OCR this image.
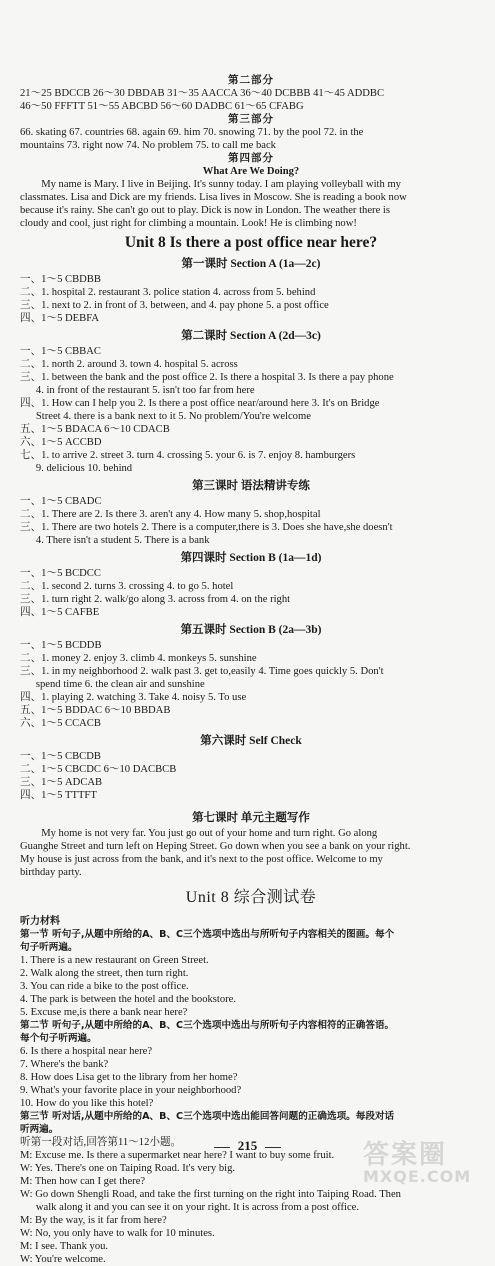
第二部分
21～25 BDCCB 26～30 DBDAB 31～35 AACCA 36～40 DCBBB 41～45 ADDBC
46～50 FFFTT 51～55 ABCBD 56～60 DADBC 61～65 CFABG
第三部分
66. skating 67. countries 68. again 69. him 70. snowing 71. by the pool 72. in the
mountains 73. right now 74. No problem 75. to call me back
第四部分
What Are We Doing?
My name is Mary. I live in Beijing. It's sunny today. I am playing volleyball with my
classmates. Lisa and Dick are my friends. Lisa lives in Moscow. She is reading a book now
because it's rainy. She can't go out to play. Dick is now in London. The weather there is
cloudy and cool, just right for climbing a mountain. Look! He is climbing now!
Unit 8 Is there a post office near here?
第一课时 Section A (1a—2c)
一、1～5 CBDBB
二、1. hospital 2. restaurant 3. police station 4. across from 5. behind
三、1. next to 2. in front of 3. between, and 4. pay phone 5. a post office
四、1～5 DEBFA
第二课时 Section A (2d—3c)
一、1～5 CBBAC
二、1. north 2. around 3. town 4. hospital 5. across
三、1. between the bank and the post office 2. Is there a hospital 3. Is there a pay phone
4. in front of the restaurant 5. isn't too far from here
四、1. How can I help you 2. Is there a post office near/around here 3. It's on Bridge
Street 4. there is a bank next to it 5. No problem/You're welcome
五、1～5 BDACA 6～10 CDACB
六、1～5 ACCBD
七、1. to arrive 2. street 3. turn 4. crossing 5. your 6. is 7. enjoy 8. hamburgers
9. delicious 10. behind
第三课时 语法精讲专练
一、1～5 CBADC
二、1. There are 2. Is there 3. aren't any 4. How many 5. shop,hospital
三、1. There are two hotels 2. There is a computer,there is 3. Does she have,she doesn't
4. There isn't a student 5. There is a bank
第四课时 Section B (1a—1d)
一、1～5 BCDCC
二、1. second 2. turns 3. crossing 4. to go 5. hotel
三、1. turn right 2. walk/go along 3. across from 4. on the right
四、1～5 CAFBE
第五课时 Section B (2a—3b)
一、1～5 BCDDB
二、1. money 2. enjoy 3. climb 4. monkeys 5. sunshine
三、1. in my neighborhood 2. walk past 3. get to,easily 4. Time goes quickly 5. Don't
spend time 6. the clean air and sunshine
四、1. playing 2. watching 3. Take 4. noisy 5. To use
五、1～5 BDDAC 6～10 BBDAB
六、1～5 CCACB
第六课时 Self Check
一、1～5 CBCDB
二、1～5 CBCDC 6～10 DACBCB
三、1～5 ADCAB
四、1～5 TTTFT
第七课时 单元主题写作
My home is not very far. You just go out of your home and turn right. Go along
Guanghe Street and turn left on Heping Street. Go down when you see a bank on your right.
My house is just across from the bank, and it's next to the post office. Welcome to my
birthday party.
Unit 8 综合测试卷
听力材料
第一节 听句子,从题中所给的A、B、C三个选项中选出与所听句子内容相关的图画。每个
句子听两遍。
1. There is a new restaurant on Green Street.
2. Walk along the street, then turn right.
3. You can ride a bike to the post office.
4. The park is between the hotel and the bookstore.
5. Excuse me,is there a bank near here?
第二节 听句子,从题中所给的A、B、C三个选项中选出与所听句子内容相符的正确答语。
每个句子听两遍。
6. Is there a hospital near here?
7. Where's the bank?
8. How does Lisa get to the library from her home?
9. What's your favorite place in your neighborhood?
10. How do you like this hotel?
第三节 听对话,从题中所给的A、B、C三个选项中选出能回答问题的正确选项。每段对话
听两遍。
听第一段对话,回答第11～12小题。
M: Excuse me. Is there a supermarket near here? I want to buy some fruit.
W: Yes. There's one on Taiping Road. It's very big.
M: Then how can I get there?
W: Go down Shengli Road, and take the first turning on the right into Taiping Road. Then
walk along it and you can see it on your right. It is across from a post office.
M: By the way, is it far from here?
W: No, you only have to walk for 10 minutes.
M: I see. Thank you.
W: You're welcome.
215	答案圈
MXQE.COM
